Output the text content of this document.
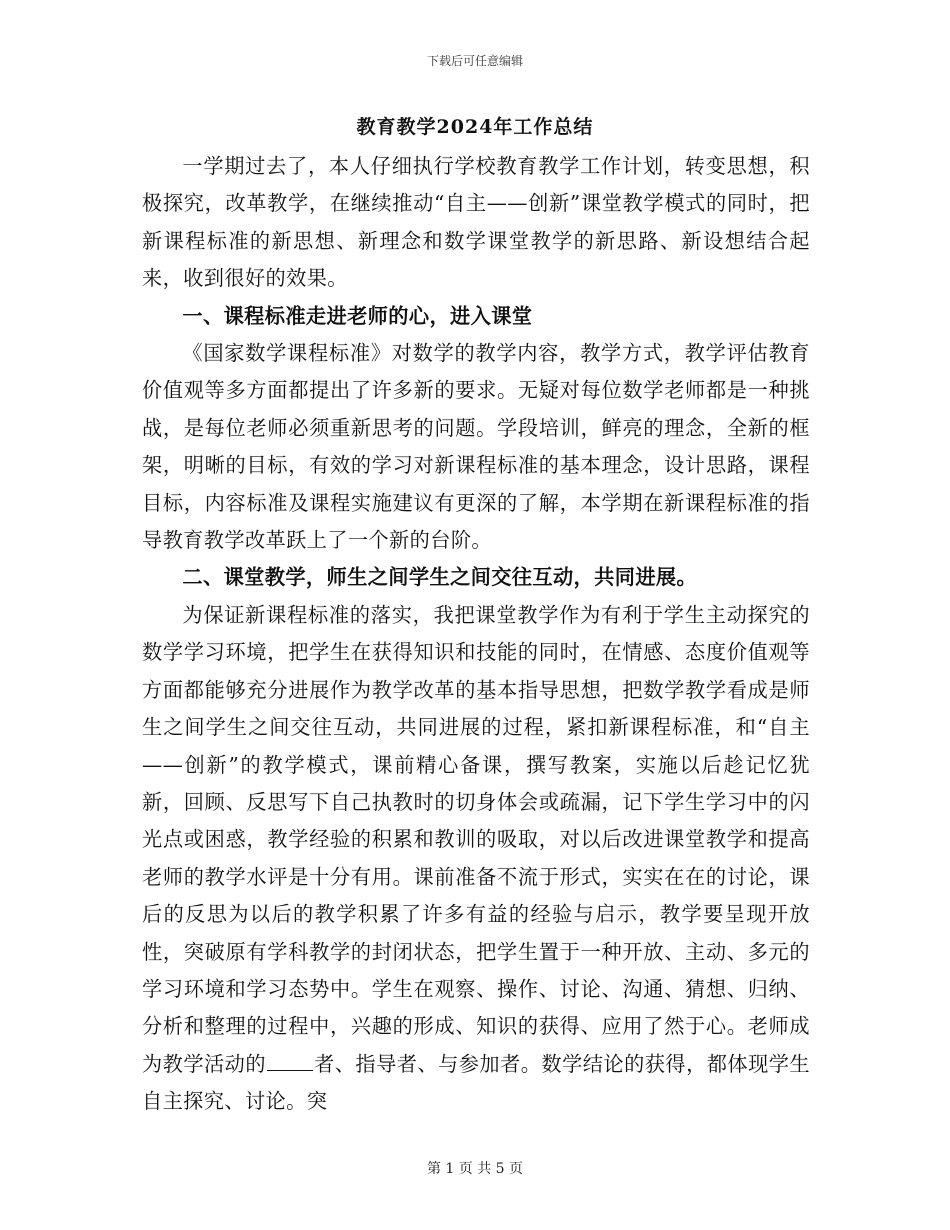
下载后可任意编辑
教育教学2024年工作总结

一学期过去了，本人仔细执行学校教育教学工作计划，转变思想，积极探究，改革教学，在继续推动“自主——创新”课堂教学模式的同时，把新课程标准的新思想、新理念和数学课堂教学的新思路、新设想结合起来，收到很好的效果。

一、课程标准走进老师的心，进入课堂

《国家数学课程标准》对数学的教学内容，教学方式，教学评估教育价值观等多方面都提出了许多新的要求。无疑对每位数学老师都是一种挑战，是每位老师必须重新思考的问题。学段培训，鲜亮的理念，全新的框架，明晰的目标，有效的学习对新课程标准的基本理念，设计思路，课程目标，内容标准及课程实施建议有更深的了解，本学期在新课程标准的指导教育教学改革跃上了一个新的台阶。

二、课堂教学，师生之间学生之间交往互动，共同进展。

为保证新课程标准的落实，我把课堂教学作为有利于学生主动探究的数学学习环境，把学生在获得知识和技能的同时，在情感、态度价值观等方面都能够充分进展作为教学改革的基本指导思想，把数学教学看成是师生之间学生之间交往互动，共同进展的过程，紧扣新课程标准，和“自主——创新”的教学模式，课前精心备课，撰写教案，实施以后趁记忆犹新，回顾、反思写下自己执教时的切身体会或疏漏，记下学生学习中的闪光点或困惑，教学经验的积累和教训的吸取，对以后改进课堂教学和提高老师的教学水评是十分有用。课前准备不流于形式，实实在在的讨论，课后的反思为以后的教学积累了许多有益的经验与启示，教学要呈现开放性，突破原有学科教学的封闭状态，把学生置于一种开放、主动、多元的学习环境和学习态势中。学生在观察、操作、讨论、沟通、猜想、归纳、分析和整理的过程中，兴趣的形成、知识的获得、应用了然于心。老师成为教学活动的 者、指导者、与参加者。数学结论的获得，都体现学生自主探究、讨论。突

第 1 页 共 5 页
